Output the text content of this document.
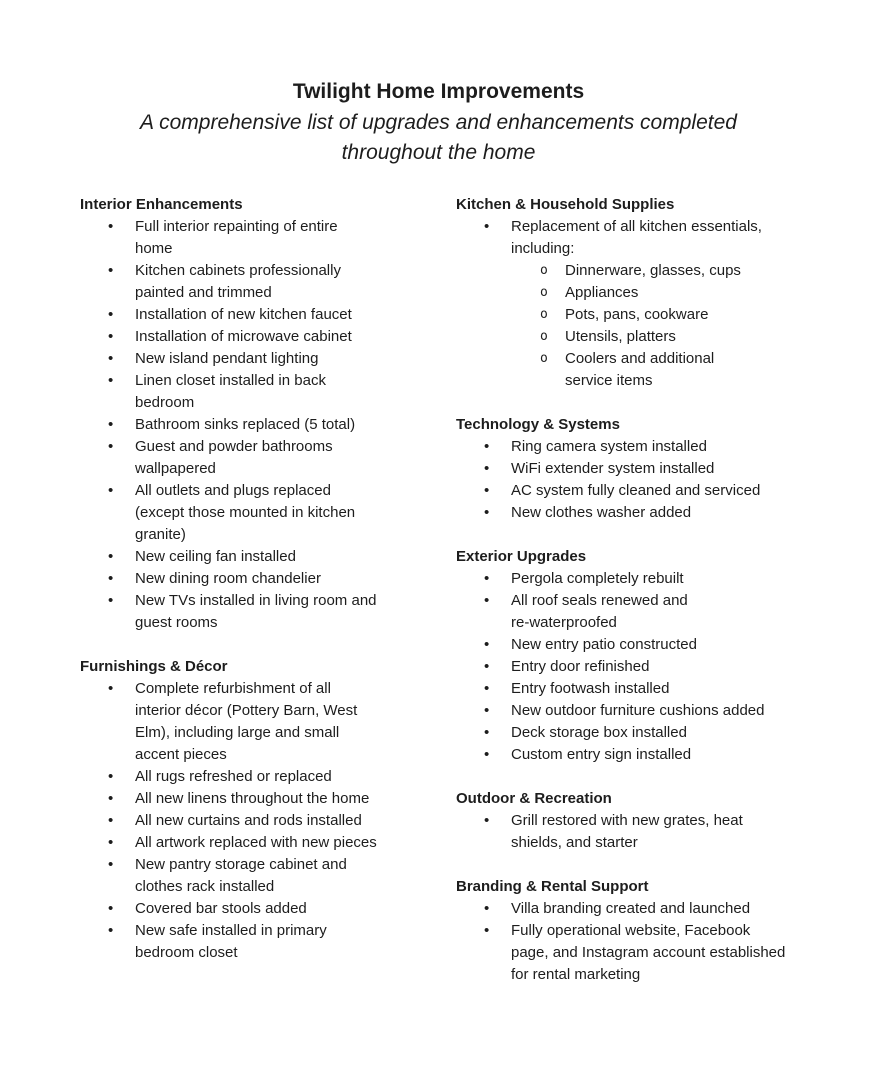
Twilight Home Improvements

A comprehensive list of upgrades and enhancements completed throughout the home

Interior Enhancements
• Full interior repainting of entire home
• Kitchen cabinets professionally painted and trimmed
• Installation of new kitchen faucet
• Installation of microwave cabinet
• New island pendant lighting
• Linen closet installed in back bedroom
• Bathroom sinks replaced (5 total)
• Guest and powder bathrooms wallpapered
• All outlets and plugs replaced (except those mounted in kitchen granite)
• New ceiling fan installed
• New dining room chandelier
• New TVs installed in living room and guest rooms
Furnishings & Décor
• Complete refurbishment of all interior décor (Pottery Barn, West Elm), including large and small accent pieces
• All rugs refreshed or replaced
• All new linens throughout the home
• All new curtains and rods installed
• All artwork replaced with new pieces
• New pantry storage cabinet and clothes rack installed
• Covered bar stools added
• New safe installed in primary bedroom closet
Kitchen & Household Supplies
• Replacement of all kitchen essentials, including:
o Dinnerware, glasses, cups
o Appliances
o Pots, pans, cookware
o Utensils, platters
o Coolers and additional service items
Technology & Systems
• Ring camera system installed
• WiFi extender system installed
• AC system fully cleaned and serviced
• New clothes washer added
Exterior Upgrades
• Pergola completely rebuilt
• All roof seals renewed and re‑waterproofed
• New entry patio constructed
• Entry door refinished
• Entry footwash installed
• New outdoor furniture cushions added
• Deck storage box installed
• Custom entry sign installed
Outdoor & Recreation
• Grill restored with new grates, heat shields, and starter
Branding & Rental Support
• Villa branding created and launched
• Fully operational website, Facebook page, and Instagram account established for rental marketing
